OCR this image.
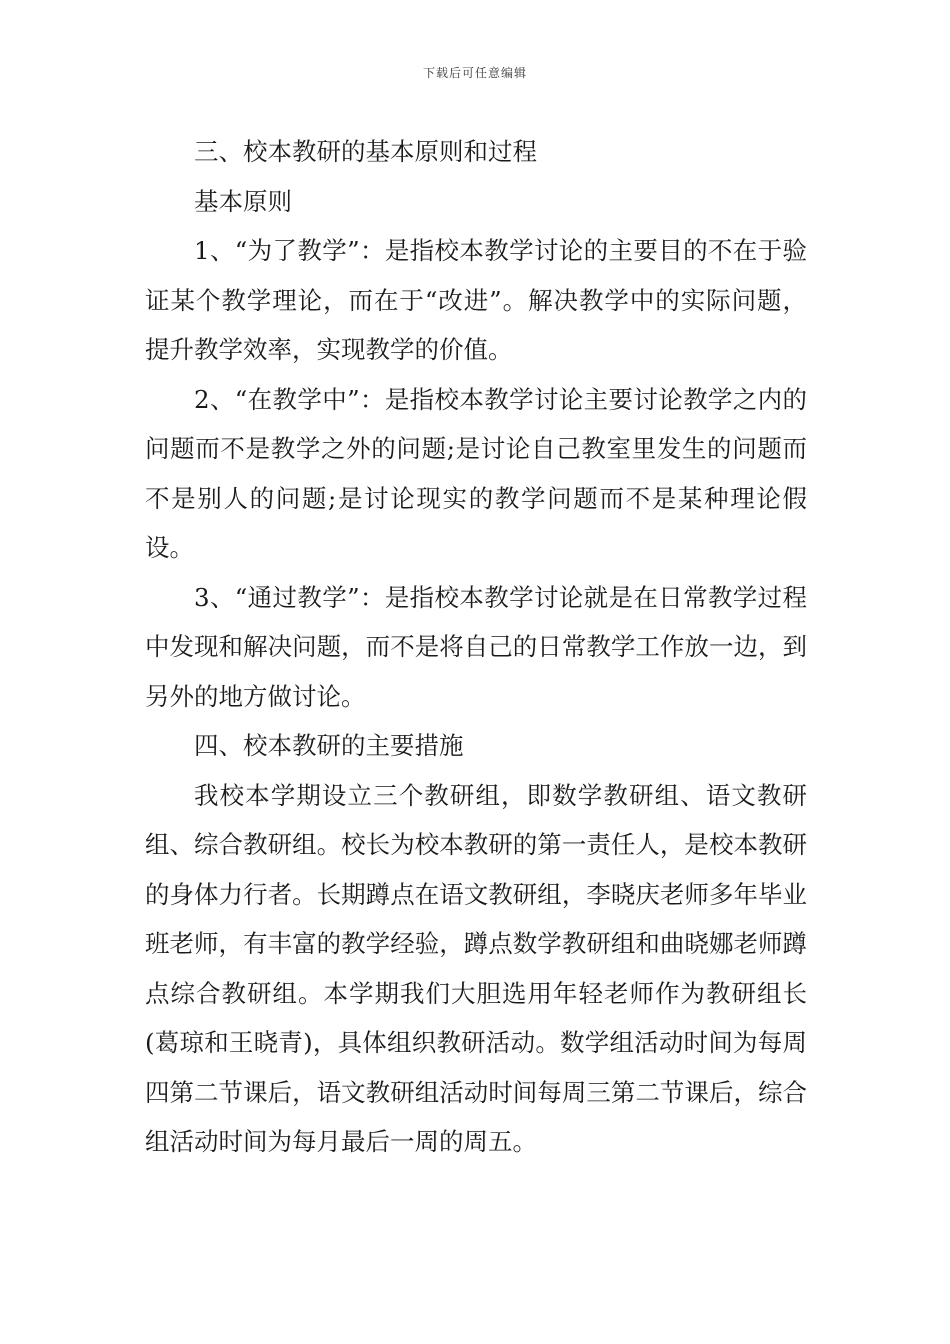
下载后可任意编辑

三、校本教研的基本原则和过程

基本原则

1、“为了教学”：是指校本教学讨论的主要目的不在于验证某个教学理论，而在于“改进”。解决教学中的实际问题，提升教学效率，实现教学的价值。

2、“在教学中”：是指校本教学讨论主要讨论教学之内的问题而不是教学之外的问题;是讨论自己教室里发生的问题而不是别人的问题;是讨论现实的教学问题而不是某种理论假设。

3、“通过教学”：是指校本教学讨论就是在日常教学过程中发现和解决问题，而不是将自己的日常教学工作放一边，到另外的地方做讨论。

四、校本教研的主要措施

我校本学期设立三个教研组，即数学教研组、语文教研组、综合教研组。校长为校本教研的第一责任人，是校本教研的身体力行者。长期蹲点在语文教研组，李晓庆老师多年毕业班老师，有丰富的教学经验，蹲点数学教研组和曲晓娜老师蹲点综合教研组。本学期我们大胆选用年轻老师作为教研组长(葛琼和王晓青)，具体组织教研活动。数学组活动时间为每周四第二节课后，语文教研组活动时间每周三第二节课后，综合组活动时间为每月最后一周的周五。
